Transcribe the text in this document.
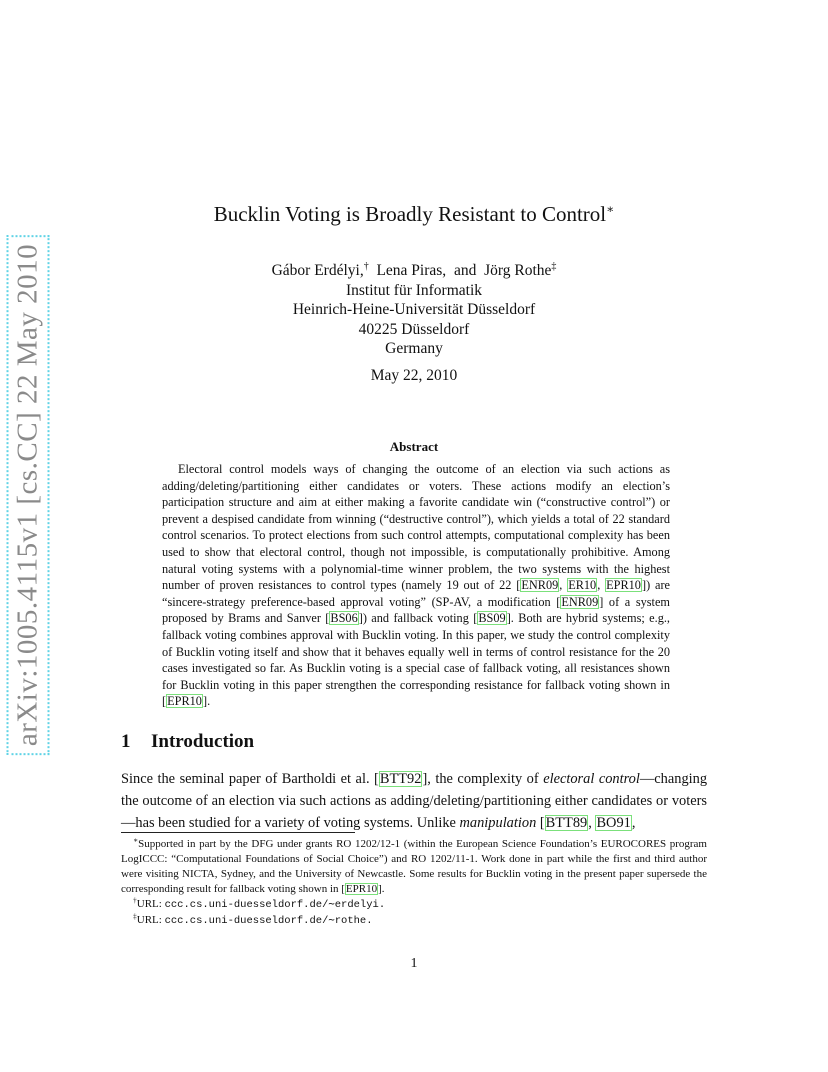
arXiv:1005.4115v1 [cs.CC] 22 May 2010
Bucklin Voting is Broadly Resistant to Control∗
Gábor Erdélyi,† Lena Piras, and Jörg Rothe‡
Institut für Informatik
Heinrich-Heine-Universität Düsseldorf
40225 Düsseldorf
Germany
May 22, 2010
Abstract

Electoral control models ways of changing the outcome of an election via such actions as adding/deleting/partitioning either candidates or voters. These actions modify an election’s participation structure and aim at either making a favorite candidate win (“constructive control”) or prevent a despised candidate from winning (“destructive control”), which yields a total of 22 standard control scenarios. To protect elections from such control attempts, computational complexity has been used to show that electoral control, though not impossible, is computationally prohibitive. Among natural voting systems with a polynomial-time winner problem, the two systems with the highest number of proven resistances to control types (namely 19 out of 22 [ENR09, ER10, EPR10]) are “sincere-strategy preference-based approval voting” (SP-AV, a modification [ENR09] of a system proposed by Brams and Sanver [BS06]) and fallback voting [BS09]. Both are hybrid systems; e.g., fallback voting combines approval with Bucklin voting. In this paper, we study the control complexity of Bucklin voting itself and show that it behaves equally well in terms of control resistance for the 20 cases investigated so far. As Bucklin voting is a special case of fallback voting, all resistances shown for Bucklin voting in this paper strengthen the corresponding resistance for fallback voting shown in [EPR10].

1 Introduction

Since the seminal paper of Bartholdi et al. [BTT92], the complexity of electoral control—changing the outcome of an election via such actions as adding/deleting/partitioning either candidates or voters—has been studied for a variety of voting systems. Unlike manipulation [BTT89, BO91,

∗Supported in part by the DFG under grants RO 1202/12-1 (within the European Science Foundation’s EUROCORES program LogICCC: “Computational Foundations of Social Choice”) and RO 1202/11-1. Work done in part while the first and third author were visiting NICTA, Sydney, and the University of Newcastle. Some results for Bucklin voting in the present paper supersede the corresponding result for fallback voting shown in [EPR10].

†URL: ccc.cs.uni-duesseldorf.de/∼erdelyi.

‡URL: ccc.cs.uni-duesseldorf.de/∼rothe.

1
